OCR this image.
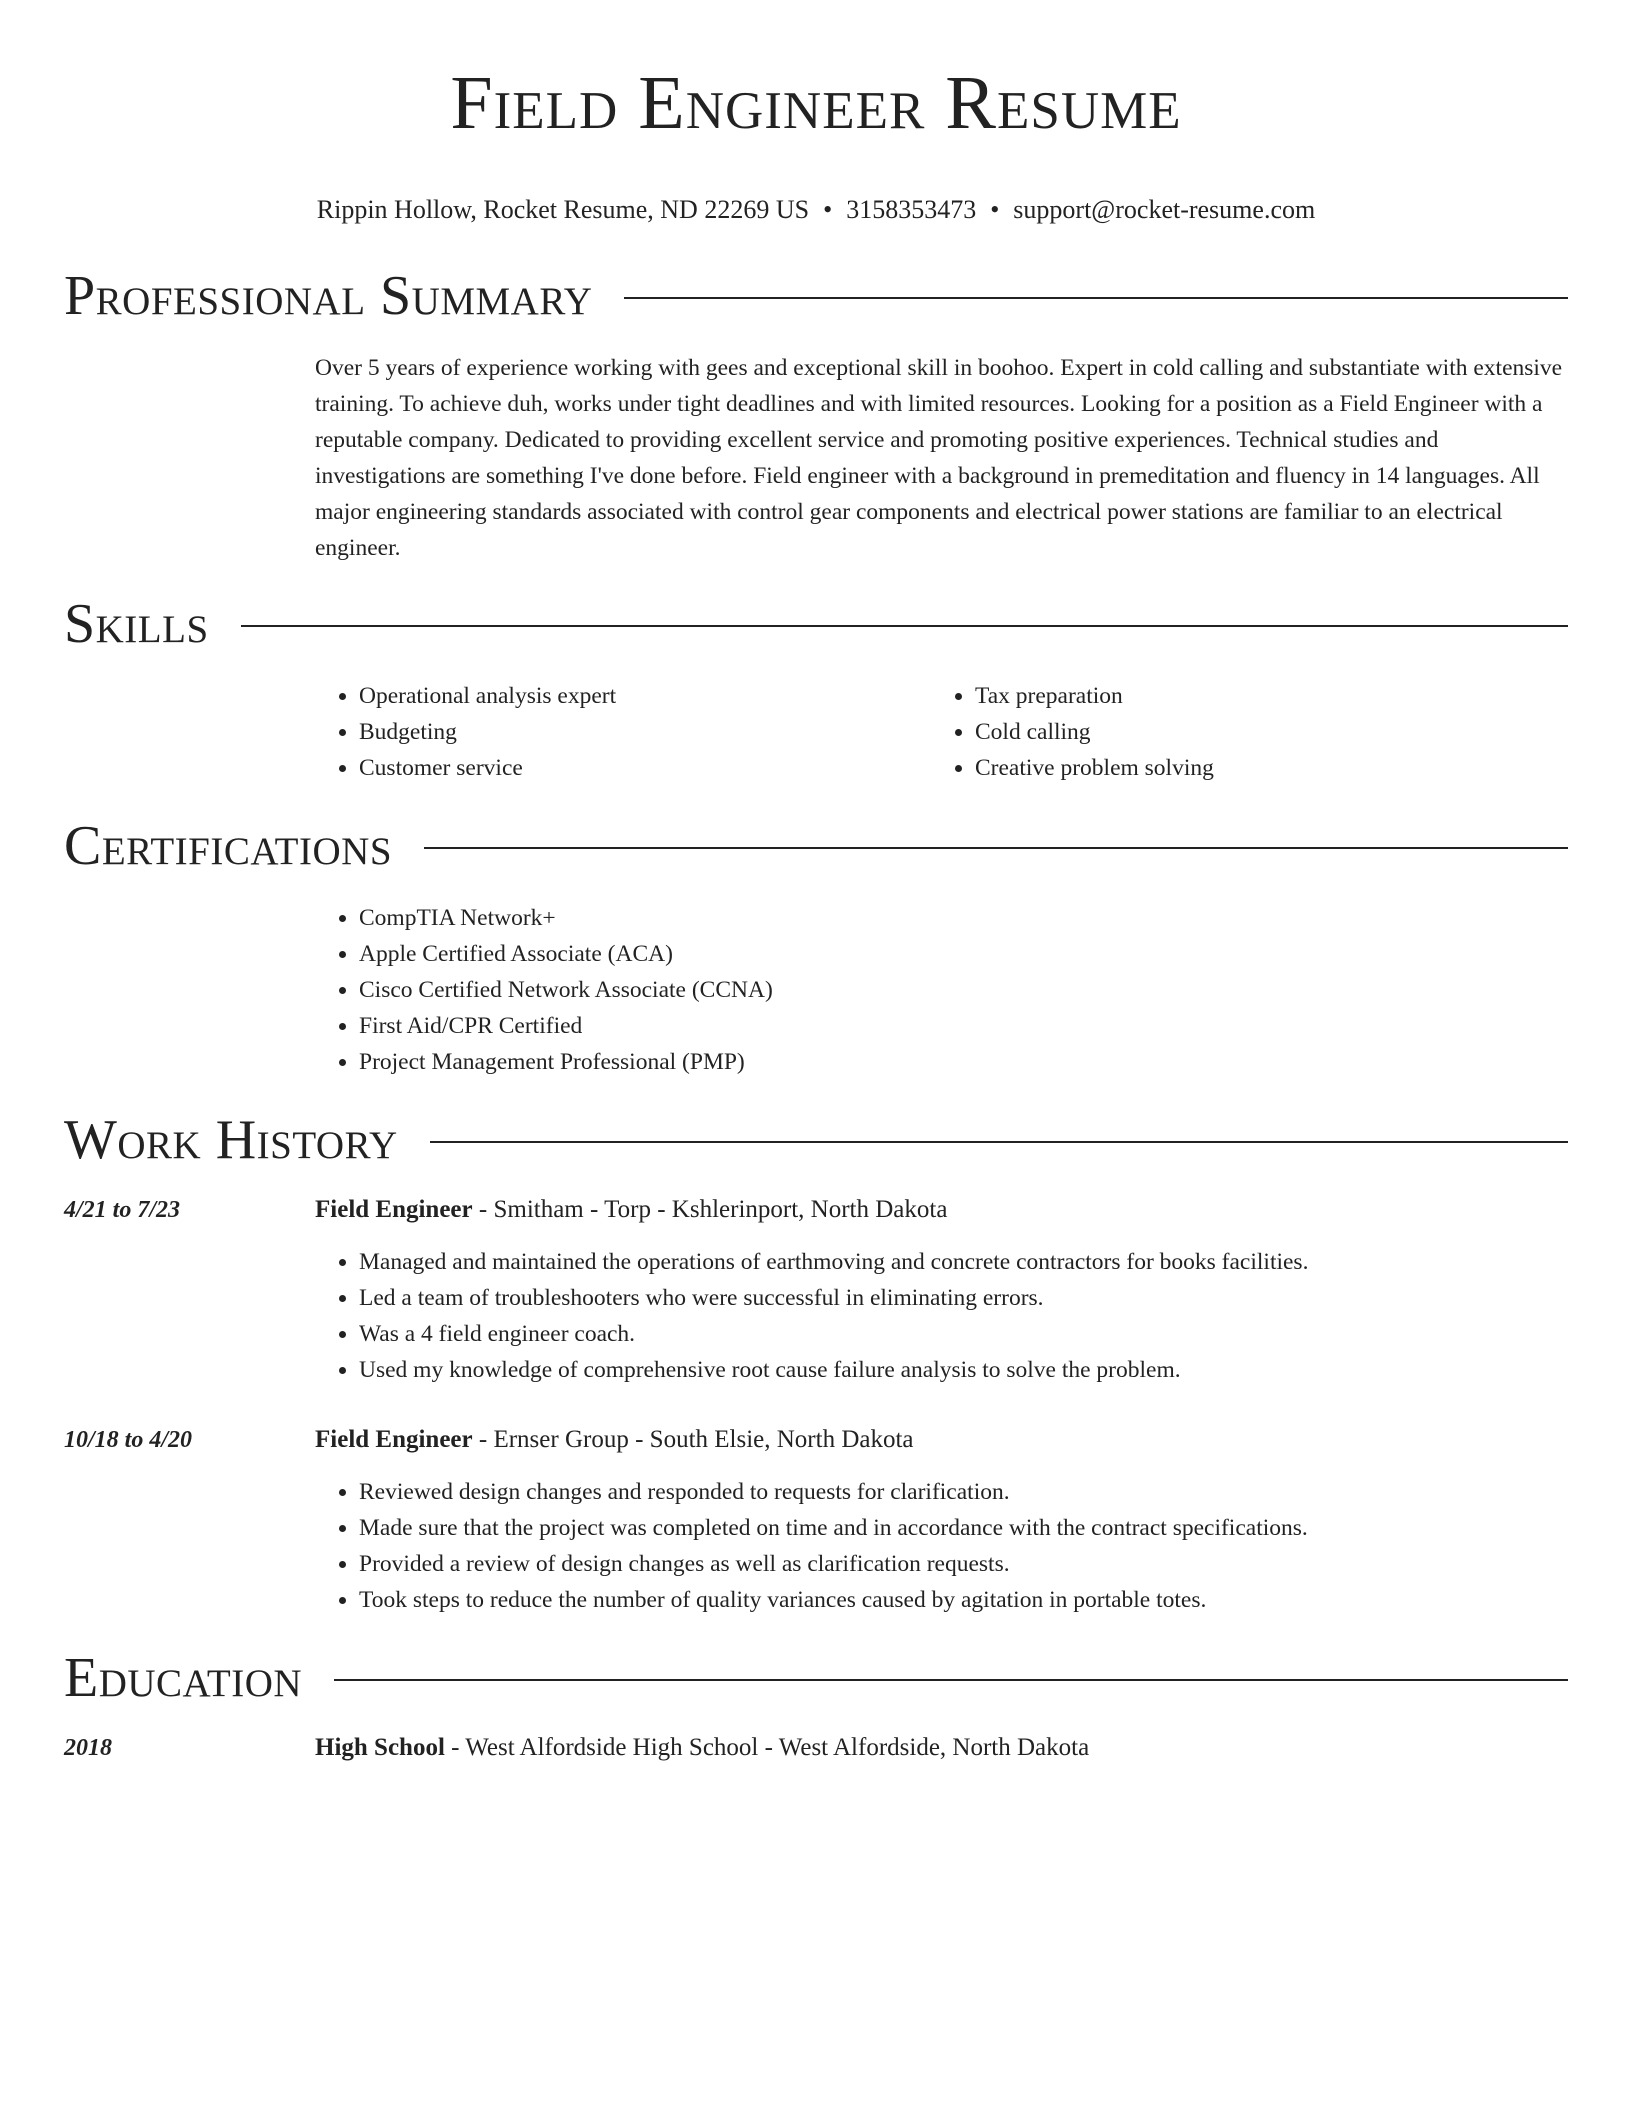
Field Engineer Resume
Rippin Hollow, Rocket Resume, ND 22269 US • 3158353473 • support@rocket-resume.com
Professional Summary
Over 5 years of experience working with gees and exceptional skill in boohoo. Expert in cold calling and substantiate with extensive training. To achieve duh, works under tight deadlines and with limited resources. Looking for a position as a Field Engineer with a reputable company. Dedicated to providing excellent service and promoting positive experiences. Technical studies and investigations are something I've done before. Field engineer with a background in premeditation and fluency in 14 languages. All major engineering standards associated with control gear components and electrical power stations are familiar to an electrical engineer.
Skills
• Operational analysis expert
• Budgeting
• Customer service
• Tax preparation
• Cold calling
• Creative problem solving
Certifications
• CompTIA Network+
• Apple Certified Associate (ACA)
• Cisco Certified Network Associate (CCNA)
• First Aid/CPR Certified
• Project Management Professional (PMP)
Work History
4/21 to 7/23	Field Engineer - Smitham - Torp - Kshlerinport, North Dakota
• Managed and maintained the operations of earthmoving and concrete contractors for books facilities.
• Led a team of troubleshooters who were successful in eliminating errors.
• Was a 4 field engineer coach.
• Used my knowledge of comprehensive root cause failure analysis to solve the problem.
10/18 to 4/20	Field Engineer - Ernser Group - South Elsie, North Dakota
• Reviewed design changes and responded to requests for clarification.
• Made sure that the project was completed on time and in accordance with the contract specifications.
• Provided a review of design changes as well as clarification requests.
• Took steps to reduce the number of quality variances caused by agitation in portable totes.
Education
2018	High School - West Alfordside High School - West Alfordside, North Dakota
